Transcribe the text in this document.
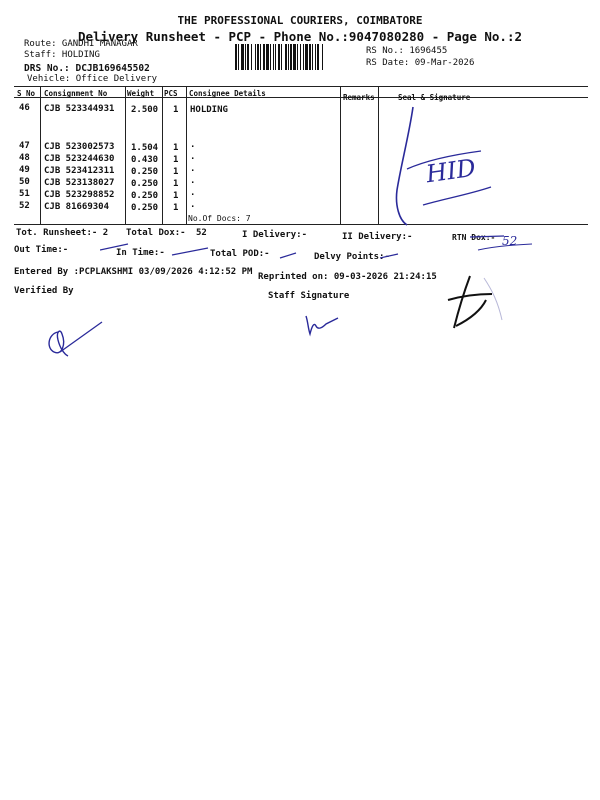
THE PROFESSIONAL COURIERS, COIMBATORE
Delivery Runsheet - PCP - Phone No.:9047080280 - Page No.:2
Route: GANDHI MANAGAR
Staff: HOLDING
DRS No.: DCJB169645502
Vehicle: Office Delivery
RS No.: 1696455
RS Date: 09-Mar-2026
S No Consignment No	Weight PCS Consignee Details	Remarks	Seal & Signature
46 CJB 523344931 2.500 1 HOLDING
47 CJB 523002573 1.504 1 .
48 CJB 523244630 0.430 1 .
49 CJB 523412311 0.250 1 .
50 CJB 523138027 0.250 1 .
51 CJB 523298852 0.250 1 .
52 CJB 81669304 0.250 1 .
No.Of Docs: 7
Tot. Runsheet:- 2 Total Dox:- 52	I Delivery:-	II Delivery:-	RTN Dox:-
Out Time:-	In Time:-	Total POD:-	Delvy Points:-
Entered By :PCPLAKSHMI 03/09/2026 4:12:52 PM Reprinted on: 09-03-2026 21:24:15
Verified By	Staff Signature
HID
52
